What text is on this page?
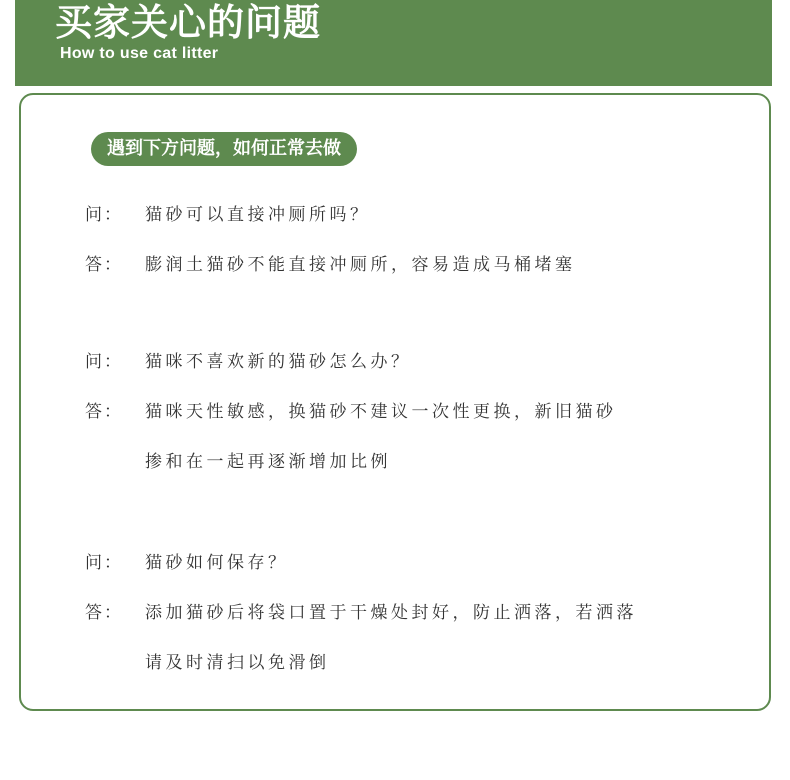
买家关心的问题
How to use cat litter
遇到下方问题，如何正常去做
问： 猫砂可以直接冲厕所吗？
答： 膨润土猫砂不能直接冲厕所，容易造成马桶堵塞
问： 猫咪不喜欢新的猫砂怎么办？
答： 猫咪天性敏感，换猫砂不建议一次性更换，新旧猫砂
掺和在一起再逐渐增加比例
问： 猫砂如何保存？
答： 添加猫砂后将袋口置于干燥处封好，防止洒落，若洒落
请及时清扫以免滑倒
